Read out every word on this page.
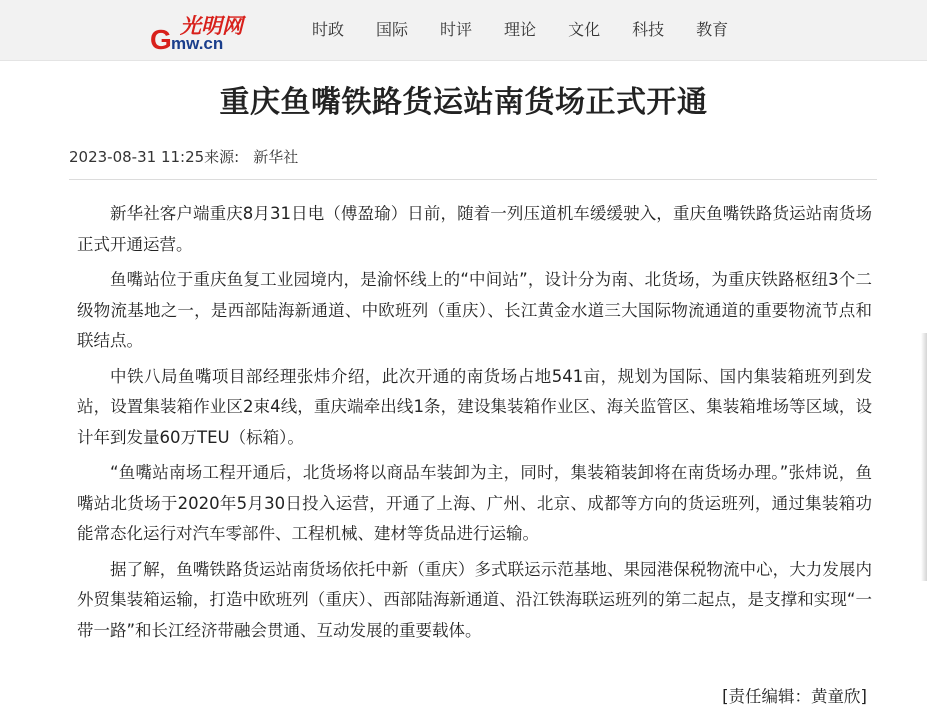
光明网
G mw.cn
时政 国际 时评 理论 文化 科技 教育
重庆鱼嘴铁路货运站南货场正式开通
2023-08-31 11:25来源: 新华社

新华社客户端重庆8月31日电（傅盈瑜）日前，随着一列压道机车缓缓驶入，重庆鱼嘴铁路货运站南货场正式开通运营。

鱼嘴站位于重庆鱼复工业园境内，是渝怀线上的“中间站”，设计分为南、北货场，为重庆铁路枢纽3个二级物流基地之一，是西部陆海新通道、中欧班列（重庆）、长江黄金水道三大国际物流通道的重要物流节点和联结点。

中铁八局鱼嘴项目部经理张炜介绍，此次开通的南货场占地541亩，规划为国际、国内集装箱班列到发站，设置集装箱作业区2束4线，重庆端牵出线1条，建设集装箱作业区、海关监管区、集装箱堆场等区域，设计年到发量60万TEU（标箱）。

“鱼嘴站南场工程开通后，北货场将以商品车装卸为主，同时，集装箱装卸将在南货场办理。”张炜说，鱼嘴站北货场于2020年5月30日投入运营，开通了上海、广州、北京、成都等方向的货运班列，通过集装箱功能常态化运行对汽车零部件、工程机械、建材等货品进行运输。

据了解，鱼嘴铁路货运站南货场依托中新（重庆）多式联运示范基地、果园港保税物流中心，大力发展内外贸集装箱运输，打造中欧班列（重庆）、西部陆海新通道、沿江铁海联运班列的第二起点，是支撑和实现“一带一路”和长江经济带融会贯通、互动发展的重要载体。

[责任编辑：黄童欣]
